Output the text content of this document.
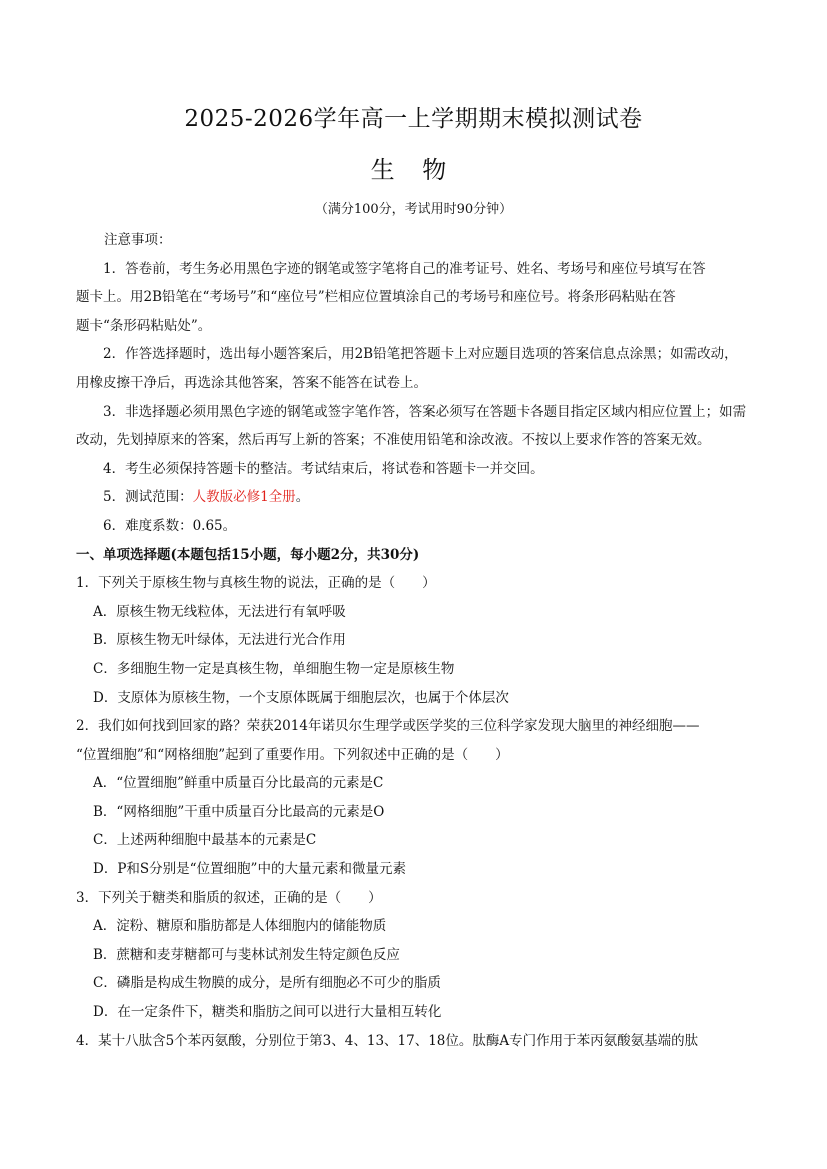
2025-2026学年高一上学期期末模拟测试卷
生 物
（满分100分，考试用时90分钟）
注意事项：
1．答卷前，考生务必用黑色字迹的钢笔或签字笔将自己的准考证号、姓名、考场号和座位号填写在答
题卡上。用2B铅笔在“考场号”和“座位号”栏相应位置填涂自己的考场号和座位号。将条形码粘贴在答
题卡“条形码粘贴处”。
2．作答选择题时，选出每小题答案后，用2B铅笔把答题卡上对应题目选项的答案信息点涂黑；如需改动，
用橡皮擦干净后，再选涂其他答案，答案不能答在试卷上。
3．非选择题必须用黑色字迹的钢笔或签字笔作答，答案必须写在答题卡各题目指定区域内相应位置上；如需
改动，先划掉原来的答案，然后再写上新的答案；不准使用铅笔和涂改液。不按以上要求作答的答案无效。
4．考生必须保持答题卡的整洁。考试结束后，将试卷和答题卡一并交回。
5．测试范围：人教版必修1全册。
6．难度系数：0.65。
一、单项选择题(本题包括15小题，每小题2分，共30分)
1．下列关于原核生物与真核生物的说法，正确的是（　　）
A．原核生物无线粒体，无法进行有氧呼吸
B．原核生物无叶绿体，无法进行光合作用
C．多细胞生物一定是真核生物，单细胞生物一定是原核生物
D．支原体为原核生物，一个支原体既属于细胞层次，也属于个体层次
2．我们如何找到回家的路？荣获2014年诺贝尔生理学或医学奖的三位科学家发现大脑里的神经细胞——
“位置细胞”和“网格细胞”起到了重要作用。下列叙述中正确的是（　　）
A．“位置细胞”鲜重中质量百分比最高的元素是C
B．“网格细胞”干重中质量百分比最高的元素是O
C．上述两种细胞中最基本的元素是C
D．P和S分别是“位置细胞”中的大量元素和微量元素
3．下列关于糖类和脂质的叙述，正确的是（　　）
A．淀粉、糖原和脂肪都是人体细胞内的储能物质
B．蔗糖和麦芽糖都可与斐林试剂发生特定颜色反应
C．磷脂是构成生物膜的成分，是所有细胞必不可少的脂质
D．在一定条件下，糖类和脂肪之间可以进行大量相互转化
4．某十八肽含5个苯丙氨酸，分别位于第3、4、13、17、18位。肽酶A专门作用于苯丙氨酸氨基端的肽
